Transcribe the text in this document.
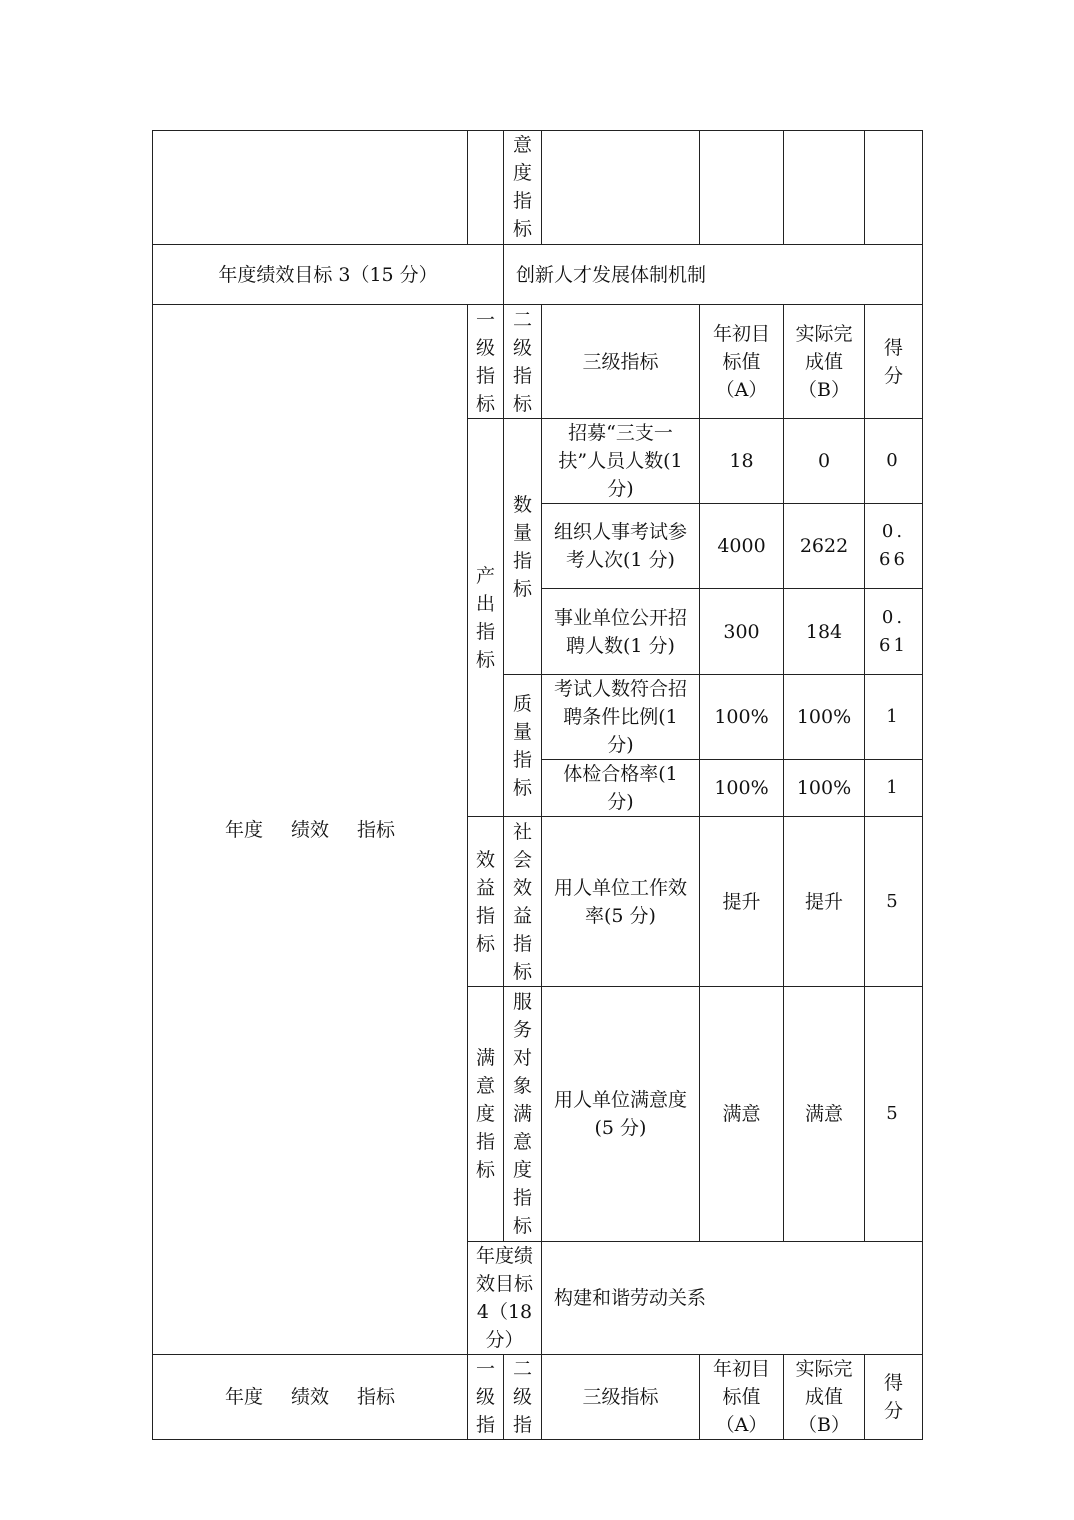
		意度指标				

年度绩效目标 3（15 分）		创新人才发展体制机制				
年度 绩效 指标	一级指标	二级指标	三级指标	年初目标值（A）	实际完成值（B）	得分

	产出指标	数量指标	招募“三支一扶”人员人数(1 分)	18	0	0

			组织人事考试参考人次(1 分)	4000	2622	0.66

			事业单位公开招聘人数(1 分)	300	184	0.61

		质量指标	考试人数符合招聘条件比例(1 分)	100%	100%	1

			体检合格率(1 分)	100%	100%	1

	效益指标	社会效益指标	用人单位工作效率(5 分)	提升	提升	5

	满意度指标	服务对象满意度指标	用人单位满意度(5 分)	满意	满意	5

	年度绩效目标 4（18 分）		构建和谐劳动关系			
年度 绩效 指标	一级指	二级指	三级指标	年初目标值（A）	实际完成值（B）	得分
